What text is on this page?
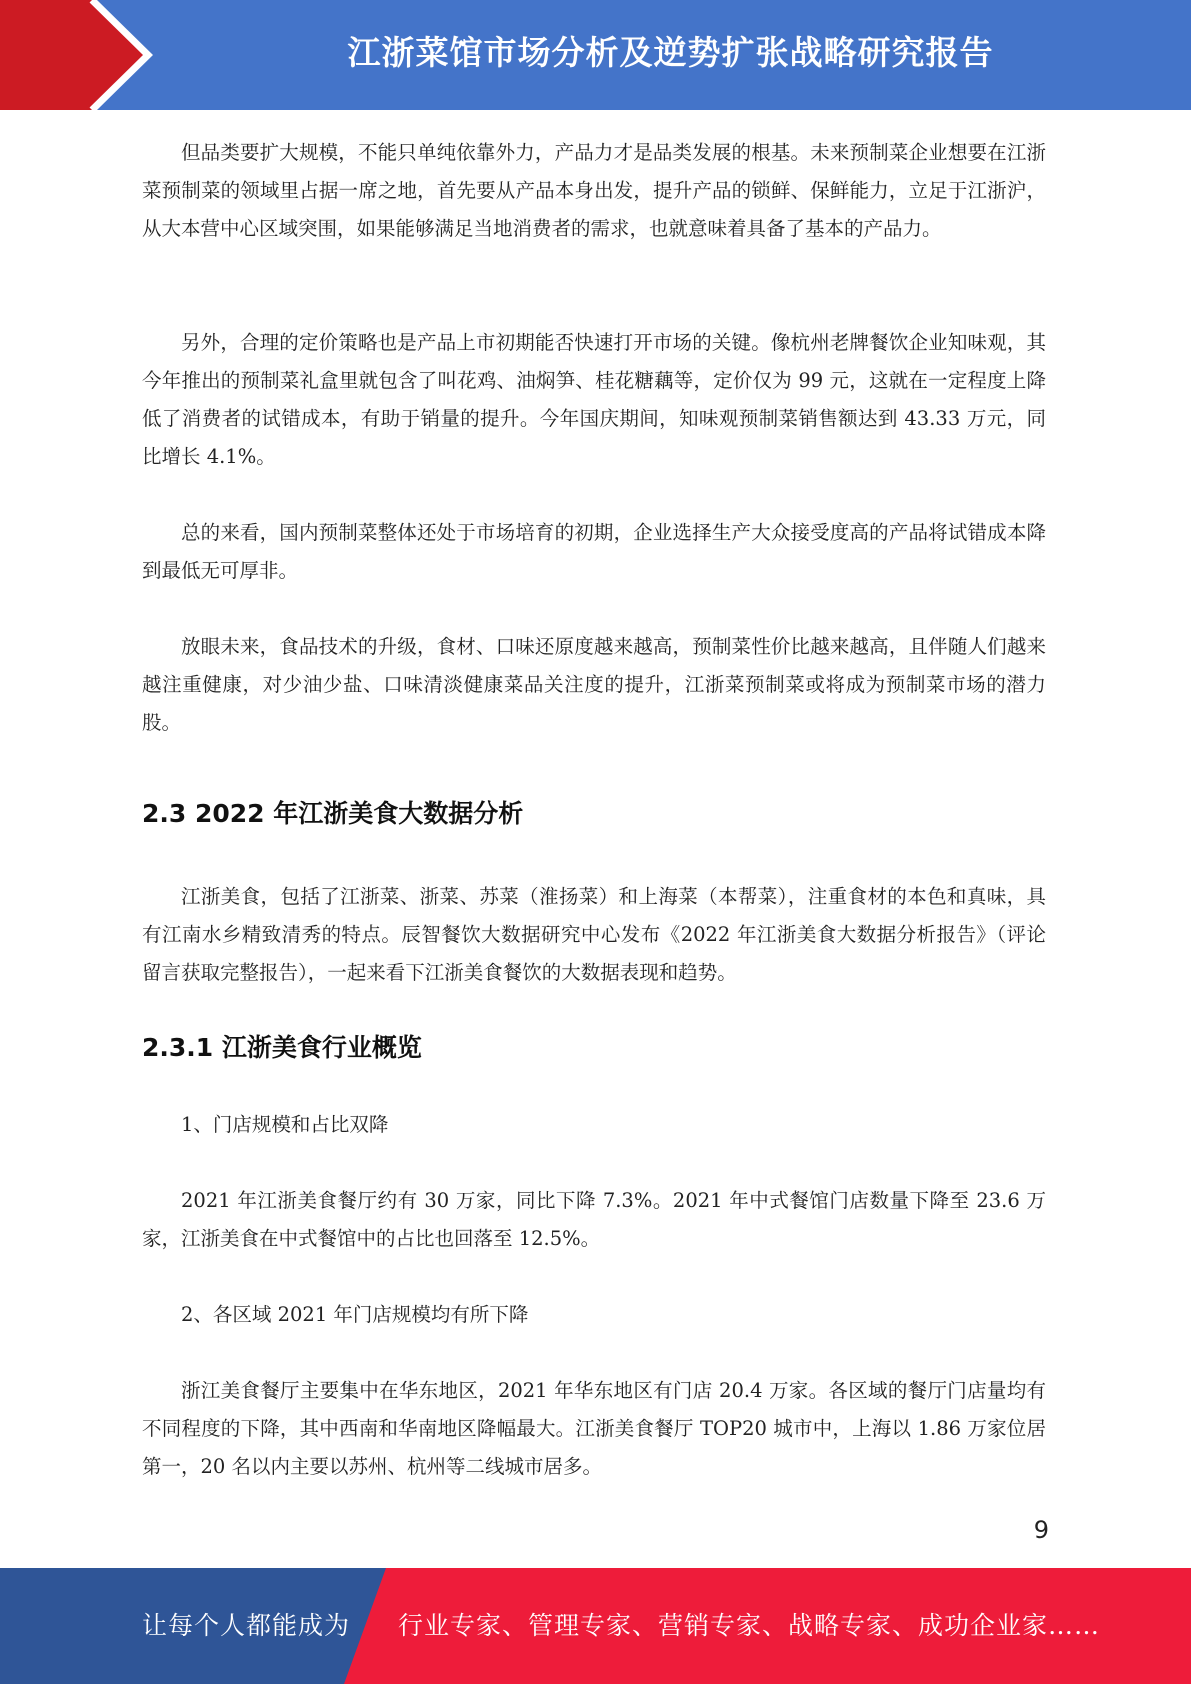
江浙菜馆市场分析及逆势扩张战略研究报告

但品类要扩大规模，不能只单纯依靠外力，产品力才是品类发展的根基。未来预制菜企业想要在江浙菜预制菜的领域里占据一席之地，首先要从产品本身出发，提升产品的锁鲜、保鲜能力，立足于江浙沪，从大本营中心区域突围，如果能够满足当地消费者的需求，也就意味着具备了基本的产品力。

另外，合理的定价策略也是产品上市初期能否快速打开市场的关键。像杭州老牌餐饮企业知味观，其今年推出的预制菜礼盒里就包含了叫花鸡、油焖笋、桂花糖藕等，定价仅为 99 元，这就在一定程度上降低了消费者的试错成本，有助于销量的提升。今年国庆期间，知味观预制菜销售额达到 43.33 万元，同比增长 4.1%。

总的来看，国内预制菜整体还处于市场培育的初期，企业选择生产大众接受度高的产品将试错成本降到最低无可厚非。

放眼未来，食品技术的升级，食材、口味还原度越来越高，预制菜性价比越来越高，且伴随人们越来越注重健康，对少油少盐、口味清淡健康菜品关注度的提升，江浙菜预制菜或将成为预制菜市场的潜力股。

2.3 2022 年江浙美食大数据分析

江浙美食，包括了江浙菜、浙菜、苏菜（淮扬菜）和上海菜（本帮菜），注重食材的本色和真味，具有江南水乡精致清秀的特点。辰智餐饮大数据研究中心发布《2022 年江浙美食大数据分析报告》（评论留言获取完整报告），一起来看下江浙美食餐饮的大数据表现和趋势。

2.3.1 江浙美食行业概览

1、门店规模和占比双降

2021 年江浙美食餐厅约有 30 万家，同比下降 7.3%。2021 年中式餐馆门店数量下降至 23.6 万家，江浙美食在中式餐馆中的占比也回落至 12.5%。

2、各区域 2021 年门店规模均有所下降

浙江美食餐厅主要集中在华东地区，2021 年华东地区有门店 20.4 万家。各区域的餐厅门店量均有不同程度的下降，其中西南和华南地区降幅最大。江浙美食餐厅 TOP20 城市中，上海以 1.86 万家位居第一，20 名以内主要以苏州、杭州等二线城市居多。

9
让每个人都能成为 行业专家、管理专家、营销专家、战略专家、成功企业家……
